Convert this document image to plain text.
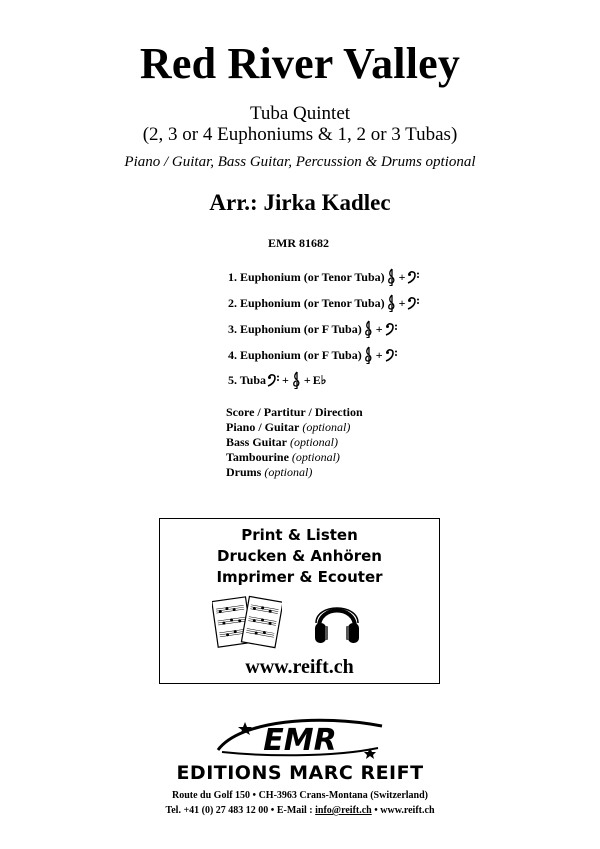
Red River Valley
Tuba Quintet
(2, 3 or 4 Euphoniums & 1, 2 or 3 Tubas)
Piano / Guitar, Bass Guitar, Percussion & Drums optional
Arr.: Jirka Kadlec
EMR 81682
1. Euphonium (or Tenor Tuba) +
2. Euphonium (or Tenor Tuba) +
3. Euphonium (or F Tuba) +
4. Euphonium (or F Tuba) +
5. Tuba + + E♭
Score / Partitur / Direction
Piano / Guitar (optional)
Bass Guitar (optional)
Tambourine (optional)
Drums (optional)
Print & Listen
Drucken & Anhören
Imprimer & Ecouter
www.reift.ch
EMR
EDITIONS MARC REIFT
Route du Golf 150 • CH-3963 Crans-Montana (Switzerland)
Tel. +41 (0) 27 483 12 00 • E-Mail : info@reift.ch • www.reift.ch
